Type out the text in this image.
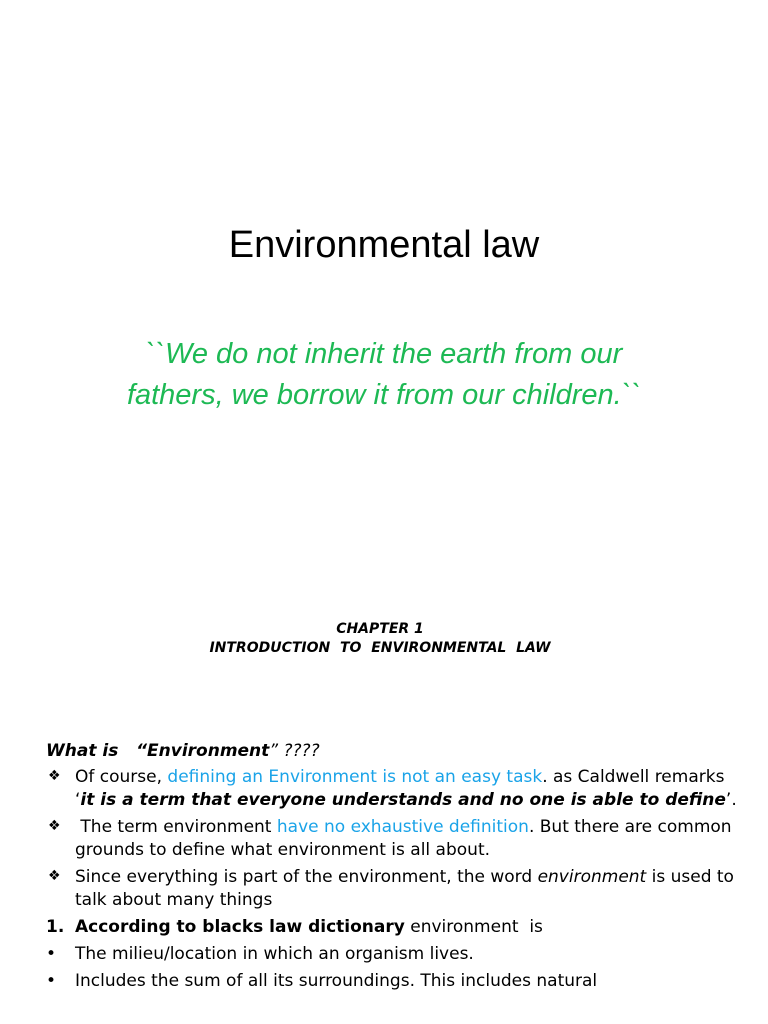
Environmental law
``We do not inherit the earth from our fathers, we borrow it from our children.``
CHAPTER 1
INTRODUCTION  TO  ENVIRONMENTAL  LAW
What is   “Environment” ????
❖ Of course, defining an Environment is not an easy task. as Caldwell remarks ‘it is a term that everyone understands and no one is able to define’.
❖ The term environment have no exhaustive definition. But there are common grounds to define what environment is all about.
❖ Since everything is part of the environment, the word environment is used to talk about many things
1. According to blacks law dictionary environment  is
•	The milieu/location in which an organism lives.
•	Includes the sum of all its surroundings. This includes natural
